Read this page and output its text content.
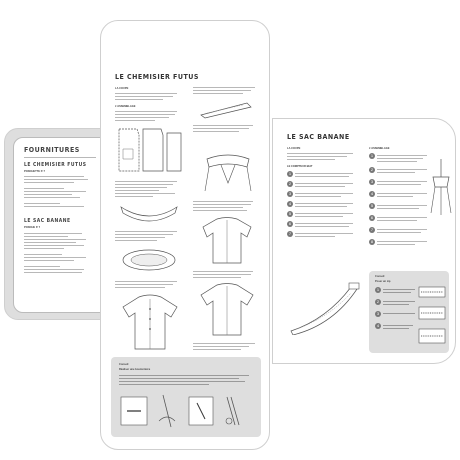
FOURNITURES
LE CHEMISIER FUTUS
PONCHETTE P. 7
LE SAC BANANE
PONCHE P. 7
LE CHEMISIER FUTUS
LA COUPE
L'ASSEMBLAGE
Conseil
Réaliser une boutonnière
LE SAC BANANE
LA COUPE
LE COMPTEUR BIAT
1
2
3
4
5
6
7
L'ASSEMBLAGE
1
2
3
4
5
6
7
8
Conseil
Poser un zip
1
2
3
4
